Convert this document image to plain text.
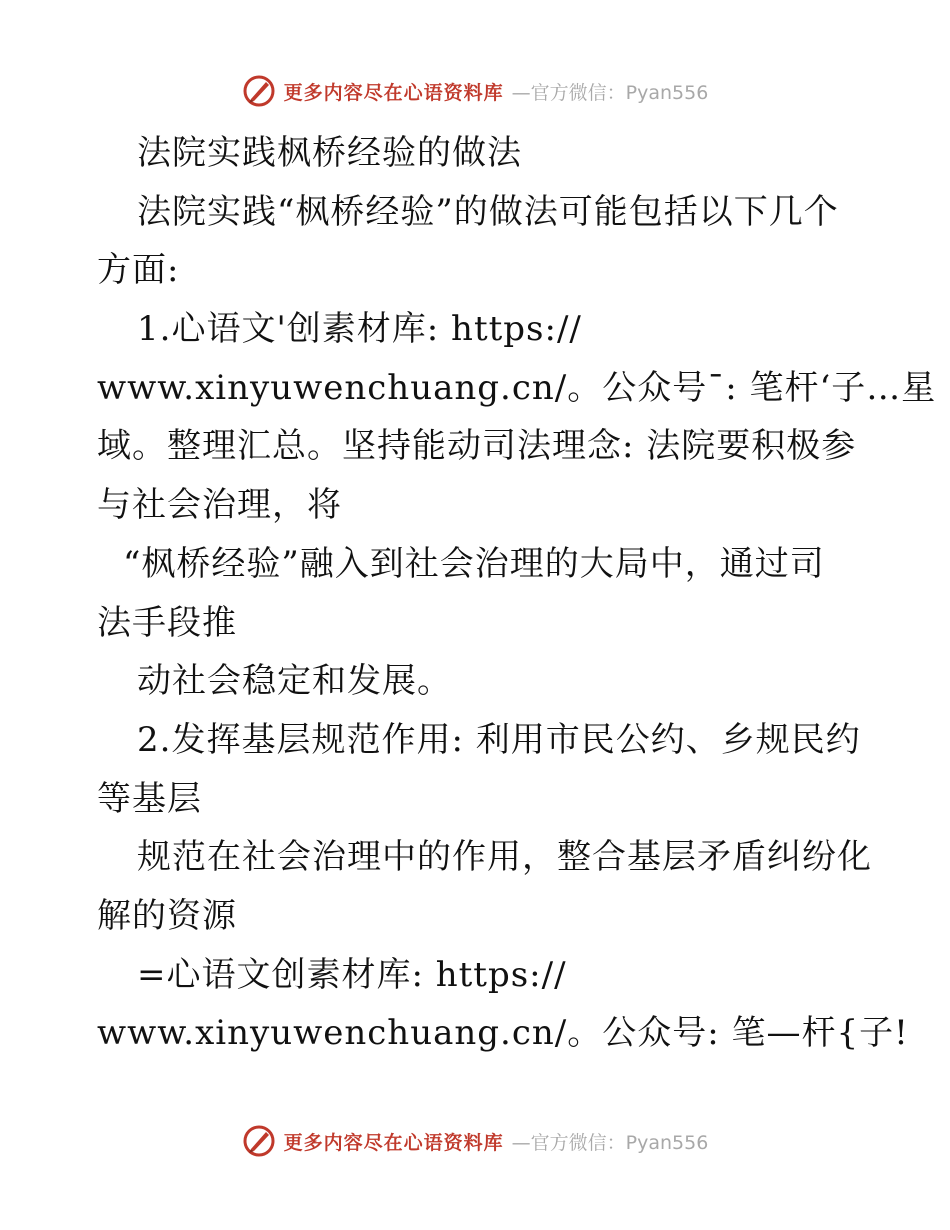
更多内容尽在心语资料库 —官方微信：Pyan556
法院实践枫桥经验的做法
法院实践“枫桥经验”的做法可能包括以下几个
方面:
1.心语文'创素材库: https://
www.xinyuwenchuang.cn/。公众号¯: 笔杆‘子…星
域。整理汇总。坚持能动司法理念: 法院要积极参
与社会治理，将
“枫桥经验”融入到社会治理的大局中，通过司
法手段推
动社会稳定和发展。
2.发挥基层规范作用: 利用市民公约、乡规民约
等基层
规范在社会治理中的作用，整合基层矛盾纠纷化
解的资源
=心语文创素材库: https://
www.xinyuwenchuang.cn/。公众号: 笔—杆{子!
更多内容尽在心语资料库 —官方微信：Pyan556
